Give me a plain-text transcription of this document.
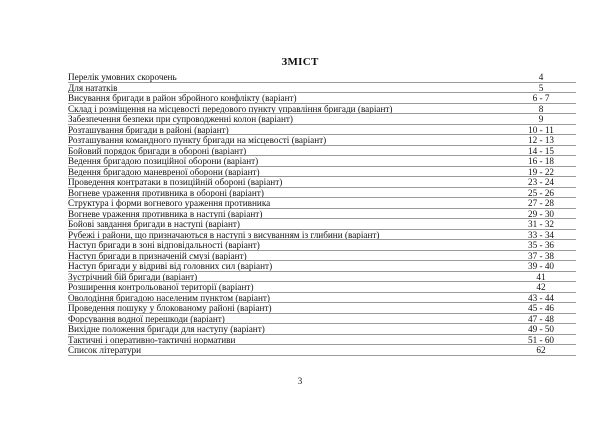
ЗМІСТ
Перелік умовних скорочень	4
Для нататків	5
Висування бригади в район збройного конфлікту (варіант)	6 - 7
Склад і розміщення на місцевості передового пункту управління бригади (варіант)	8
Забезпечення безпеки при супроводженні колон (варіант)	9
Розташування бригади в районі (варіант)	10 - 11
Розташування командного пункту бригади на місцевості (варіант)	12 - 13
Бойовий порядок бригади в обороні (варіант)	14 - 15
Ведення бригадою позиційної оборони (варіант)	16 - 18
Ведення бригадою маневреної оборони (варіант)	19 - 22
Проведення контратаки в позиційній обороні (варіант)	23 - 24
Вогневе ураження противника в обороні (варіант)	25 - 26
Структура і форми вогневого ураження противника	27 - 28
Вогневе ураження противника в наступі (варіант)	29 - 30
Бойові завдання бригади в наступі (варіант)	31 - 32
Рубежі і райони, що призначаються в наступі з висуванням із глибини (варіант)	33 - 34
Наступ бригади в зоні відповідальності (варіант)	35 - 36
Наступ бригади в призначеній смузі (варіант)	37 - 38
Наступ бригади у відриві від головних сил (варіант)	39 - 40
Зустрічний бій бригади (варіант)	41
Розширення контрольованої території (варіант)	42
Оволодіння бригадою населеним пунктом (варіант)	43 - 44
Проведення пошуку у блокованому районі (варіант)	45 - 46
Форсування водної перешкоди (варіант)	47 - 48
Вихідне положення бригади для наступу (варіант)	49 - 50
Тактичні і оперативно-тактичні нормативи	51 - 60
Список літератури	62
3
